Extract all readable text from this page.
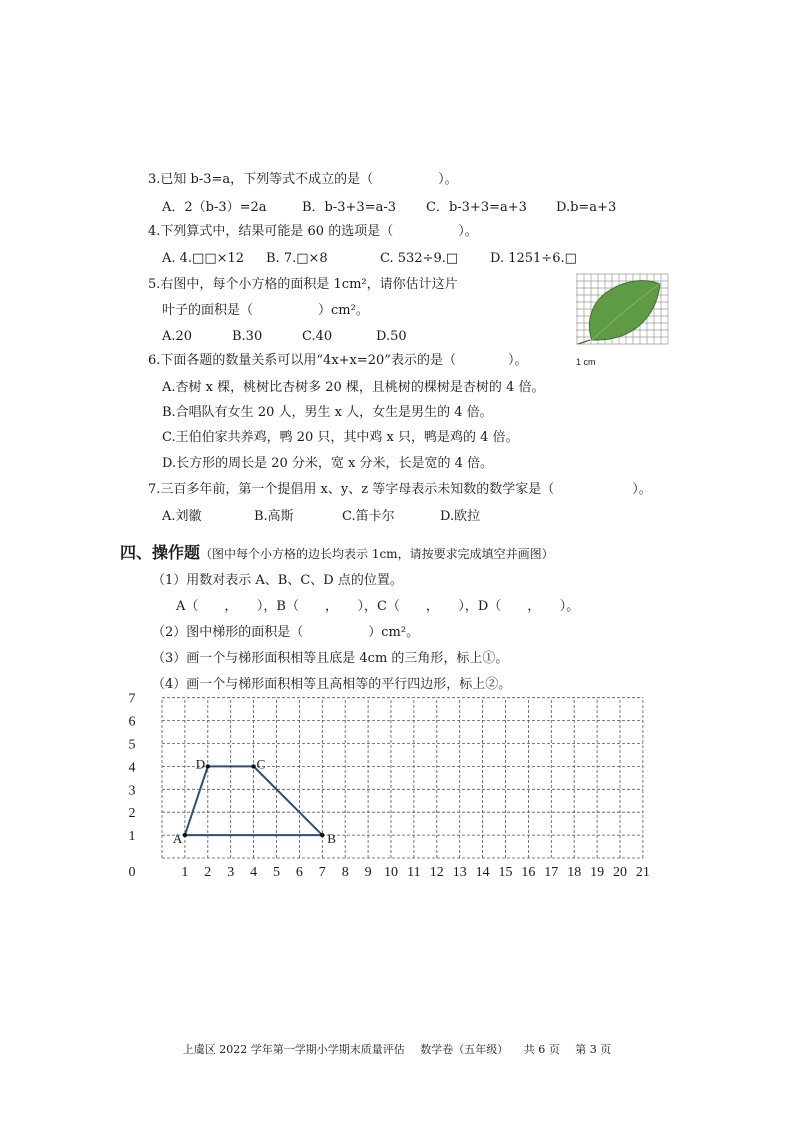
3.已知 b-3=a，下列等式不成立的是（　　　　　）。
A．2（b-3）=2a	B．b-3+3=a-3 C．b-3+3=a+3 D.b=a+3
4.下列算式中，结果可能是 60 的选项是（　　　　　）。
A. 4.□□×12 B. 7.□×8	C. 532÷9.□ D. 1251÷6.□
5.右图中，每个小方格的面积是 1cm²，请你估计这片
叶子的面积是（　　　　　）cm²。
A.20	B.30	C.40	D.50
1 cm
6.下面各题的数量关系可以用“4x+x=20”表示的是（　　　　）。
A.杏树 x 棵，桃树比杏树多 20 棵，且桃树的棵树是杏树的 4 倍。
B.合唱队有女生 20 人，男生 x 人，女生是男生的 4 倍。
C.王伯伯家共养鸡，鸭 20 只，其中鸡 x 只，鸭是鸡的 4 倍。
D.长方形的周长是 20 分米，宽 x 分米，长是宽的 4 倍。
7.三百多年前，第一个提倡用 x、y、z 等字母表示未知数的数学家是（　　　　　　）。
A.刘徽	B.高斯	C.笛卡尔	D.欧拉
四、操作题（图中每个小方格的边长均表示 1cm，请按要求完成填空并画图）
（1）用数对表示 A、B、C、D 点的位置。
A（　　，　　），B（　　，　　），C（　　，　　），D（　　，　　）。
（2）图中梯形的面积是（　　　　　）cm²。
（3）画一个与梯形面积相等且底是 4cm 的三角形，标上①。
（4）画一个与梯形面积相等且高相等的平行四边形，标上②。
1 2 3 4 5 6 7 8 9 10 11 12 13 14 15 16 17 18 19 20 21
1
2
3
4
5
6
7
0
A	B
C
D
上虞区 2022 学年第一学期小学期末质量评估 数学卷（五年级） 共 6 页 第 3 页
